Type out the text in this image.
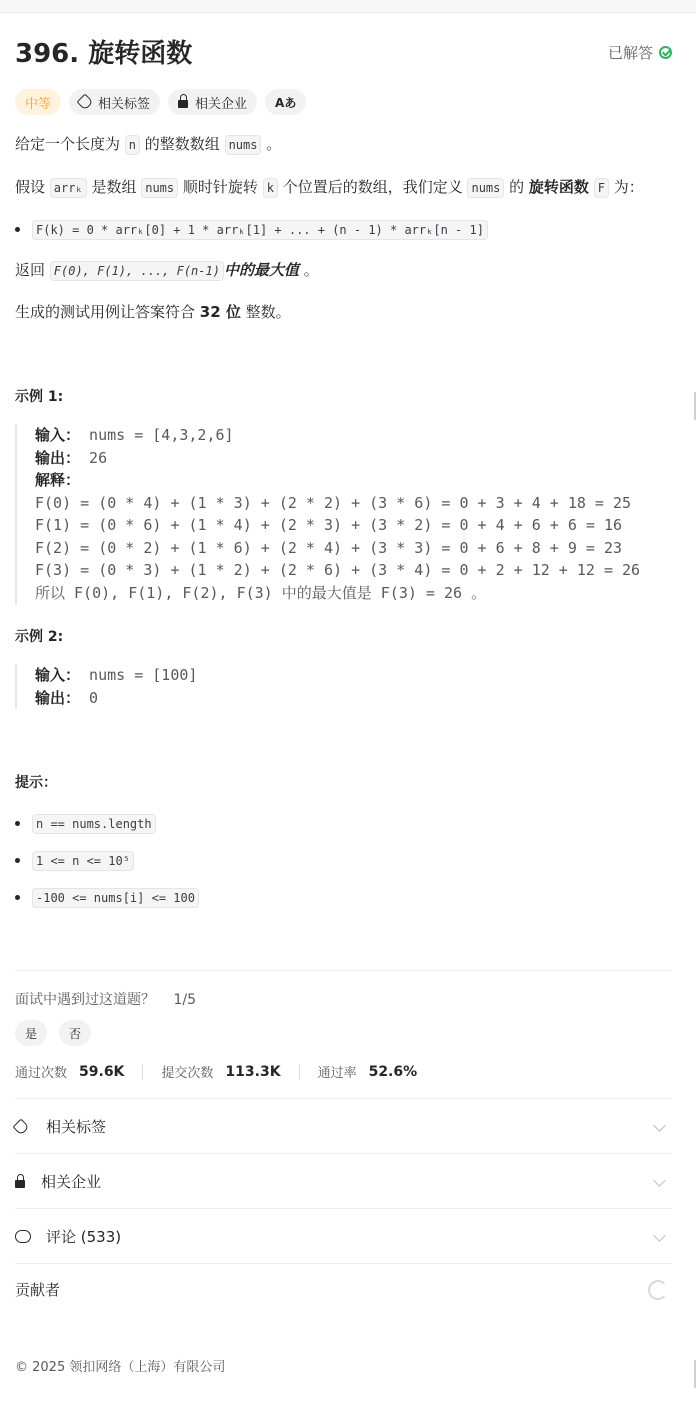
396. 旋转函数	已解答
中等	相关标签	相关企业 Aあ
给定一个长度为 n 的整数数组 nums 。
假设 arrₖ 是数组 nums 顺时针旋转 k 个位置后的数组，我们定义 nums 的 旋转函数 F 为：
F(k) = 0 * arrₖ[0] + 1 * arrₖ[1] + ... + (n - 1) * arrₖ[n - 1]
返回 F(0), F(1), ..., F(n-1) 中的最大值 。
生成的测试用例让答案符合 32 位 整数。
示例 1:
输入： nums = [4,3,2,6]
输出： 26
解释：
F(0) = (0 * 4) + (1 * 3) + (2 * 2) + (3 * 6) = 0 + 3 + 4 + 18 = 25
F(1) = (0 * 6) + (1 * 4) + (2 * 3) + (3 * 2) = 0 + 4 + 6 + 6 = 16
F(2) = (0 * 2) + (1 * 6) + (2 * 4) + (3 * 3) = 0 + 6 + 8 + 9 = 23
F(3) = (0 * 3) + (1 * 2) + (2 * 6) + (3 * 4) = 0 + 2 + 12 + 12 = 26
所以 F(0), F(1), F(2), F(3) 中的最大值是 F(3) = 26 。
示例 2:
输入： nums = [100]
输出： 0
提示：
n == nums.length
1 <= n <= 10⁵
-100 <= nums[i] <= 100
面试中遇到过这道题？ 1/5
是	否
通过次数 59.6K	提交次数 113.3K	通过率 52.6%
相关标签
相关企业
评论 (533)
贡献者
© 2025 领扣网络（上海）有限公司
